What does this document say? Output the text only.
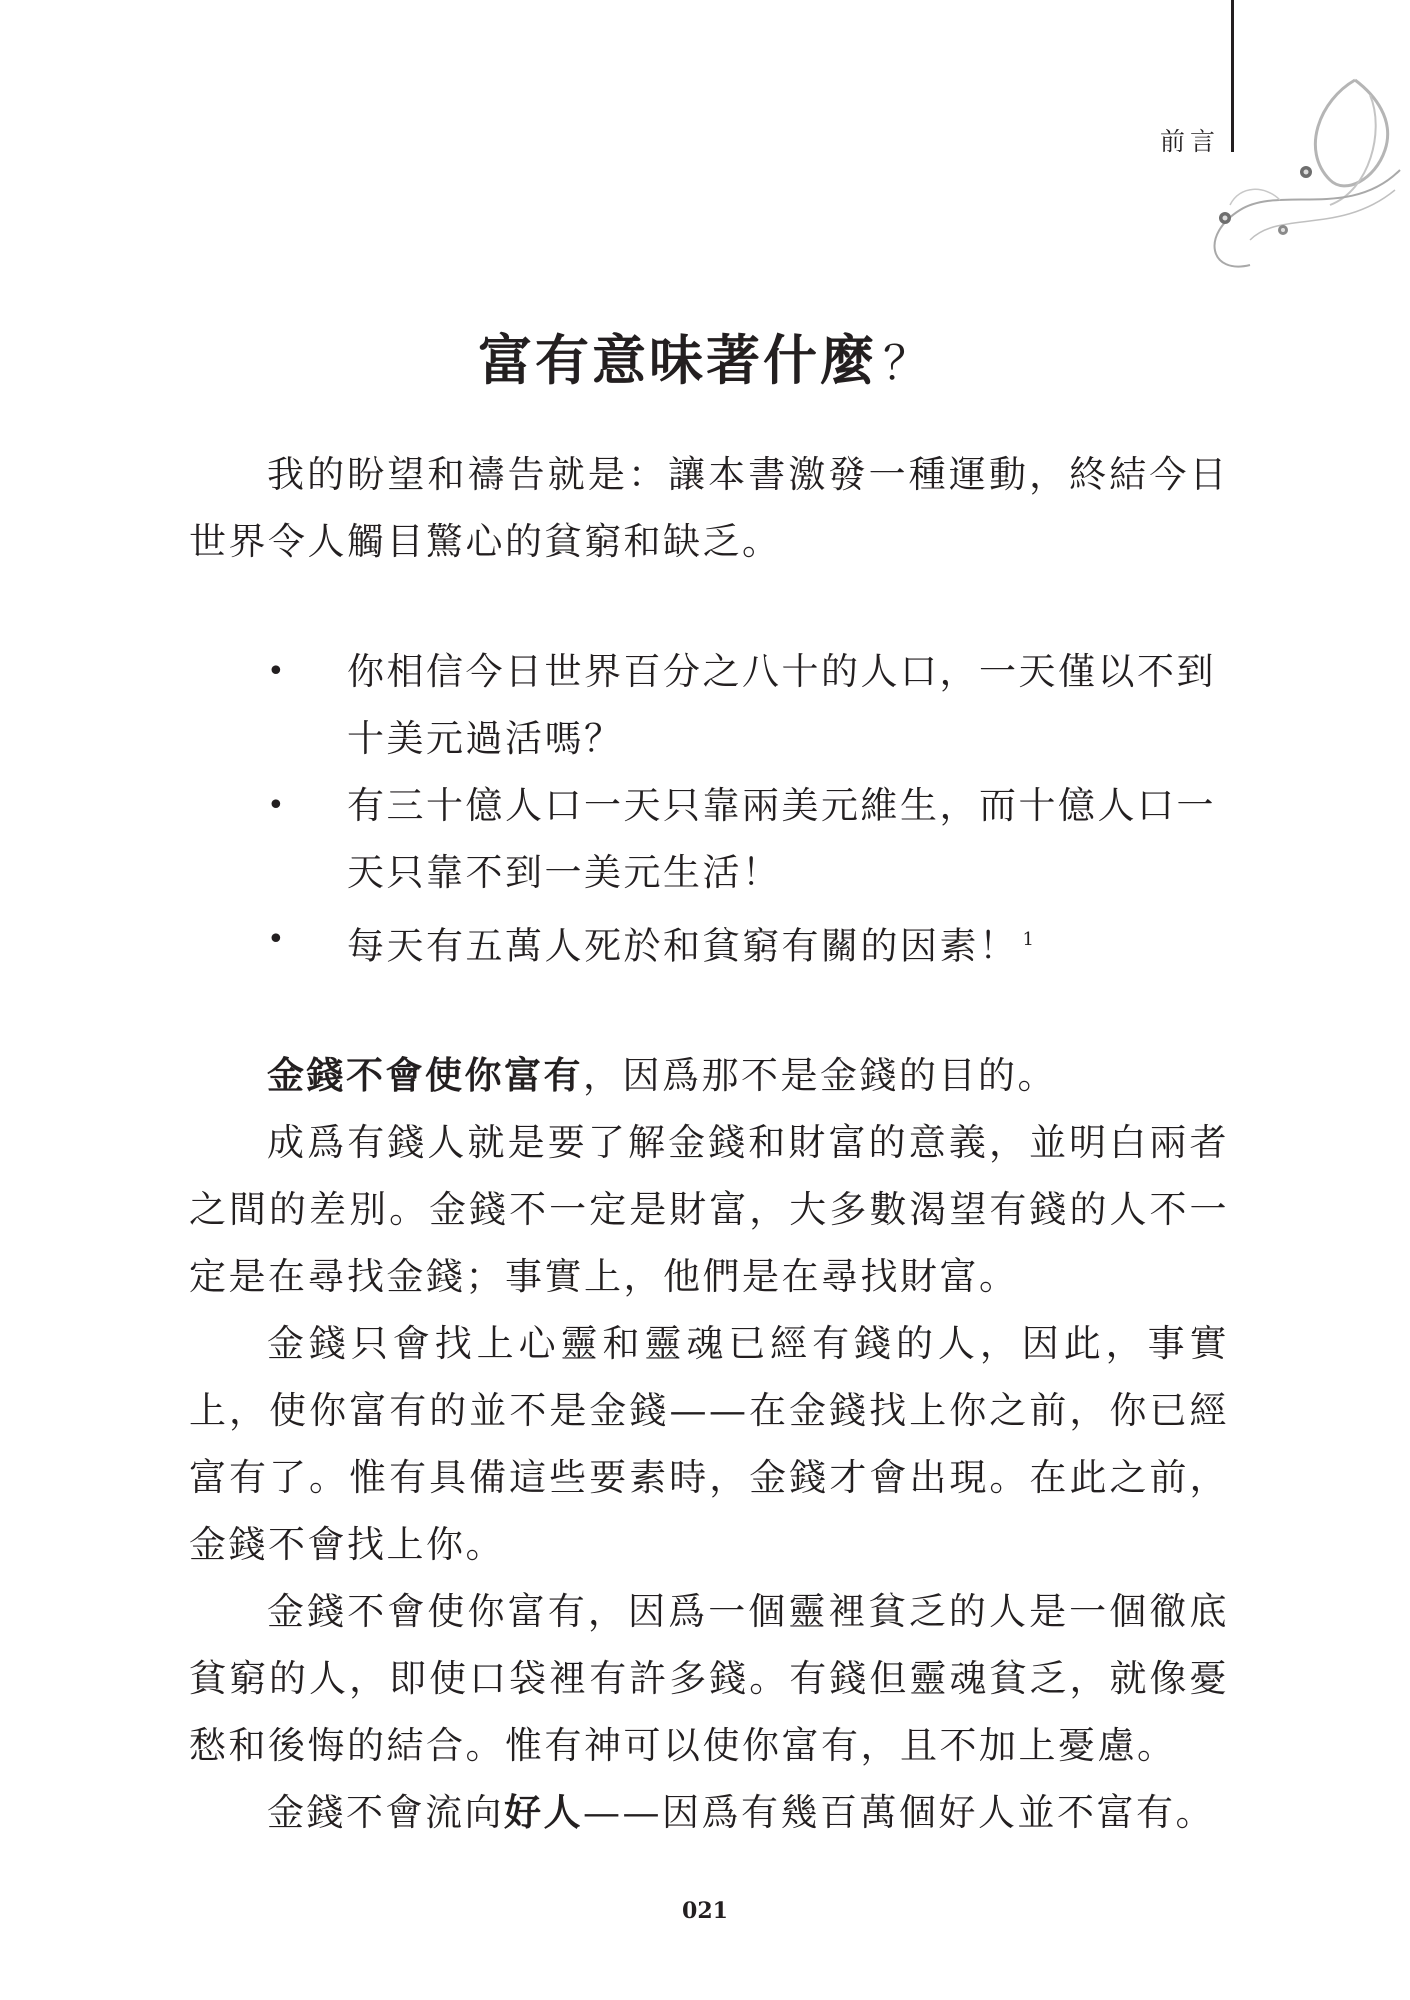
前言
富有意味著什麼 ？

我的盼望和禱告就是：讓本書激發一種運動，終結今日世界令人觸目驚心的貧窮和缺乏。

• 你相信今日世界百分之八十的人口，一天僅以不到十美元過活嗎？
• 有三十億人口一天只靠兩美元維生，而十億人口一天只靠不到一美元生活！
• 每天有五萬人死於和貧窮有關的因素！ $^1$

金錢不會使你富有，因爲那不是金錢的目的。

成爲有錢人就是要了解金錢和財富的意義，並明白兩者之間的差別。金錢不一定是財富，大多數渴望有錢的人不一定是在尋找金錢；事實上，他們是在尋找財富。

金錢只會找上心靈和靈魂已經有錢的人，因此，事實上，使你富有的並不是金錢——在金錢找上你之前，你已經富有了。惟有具備這些要素時，金錢才會出現。在此之前，金錢不會找上你。

金錢不會使你富有，因爲一個靈裡貧乏的人是一個徹底貧窮的人，即使口袋裡有許多錢。有錢但靈魂貧乏，就像憂愁和後悔的結合。惟有神可以使你富有，且不加上憂慮。

金錢不會流向好人——因爲有幾百萬個好人並不富有。

021
